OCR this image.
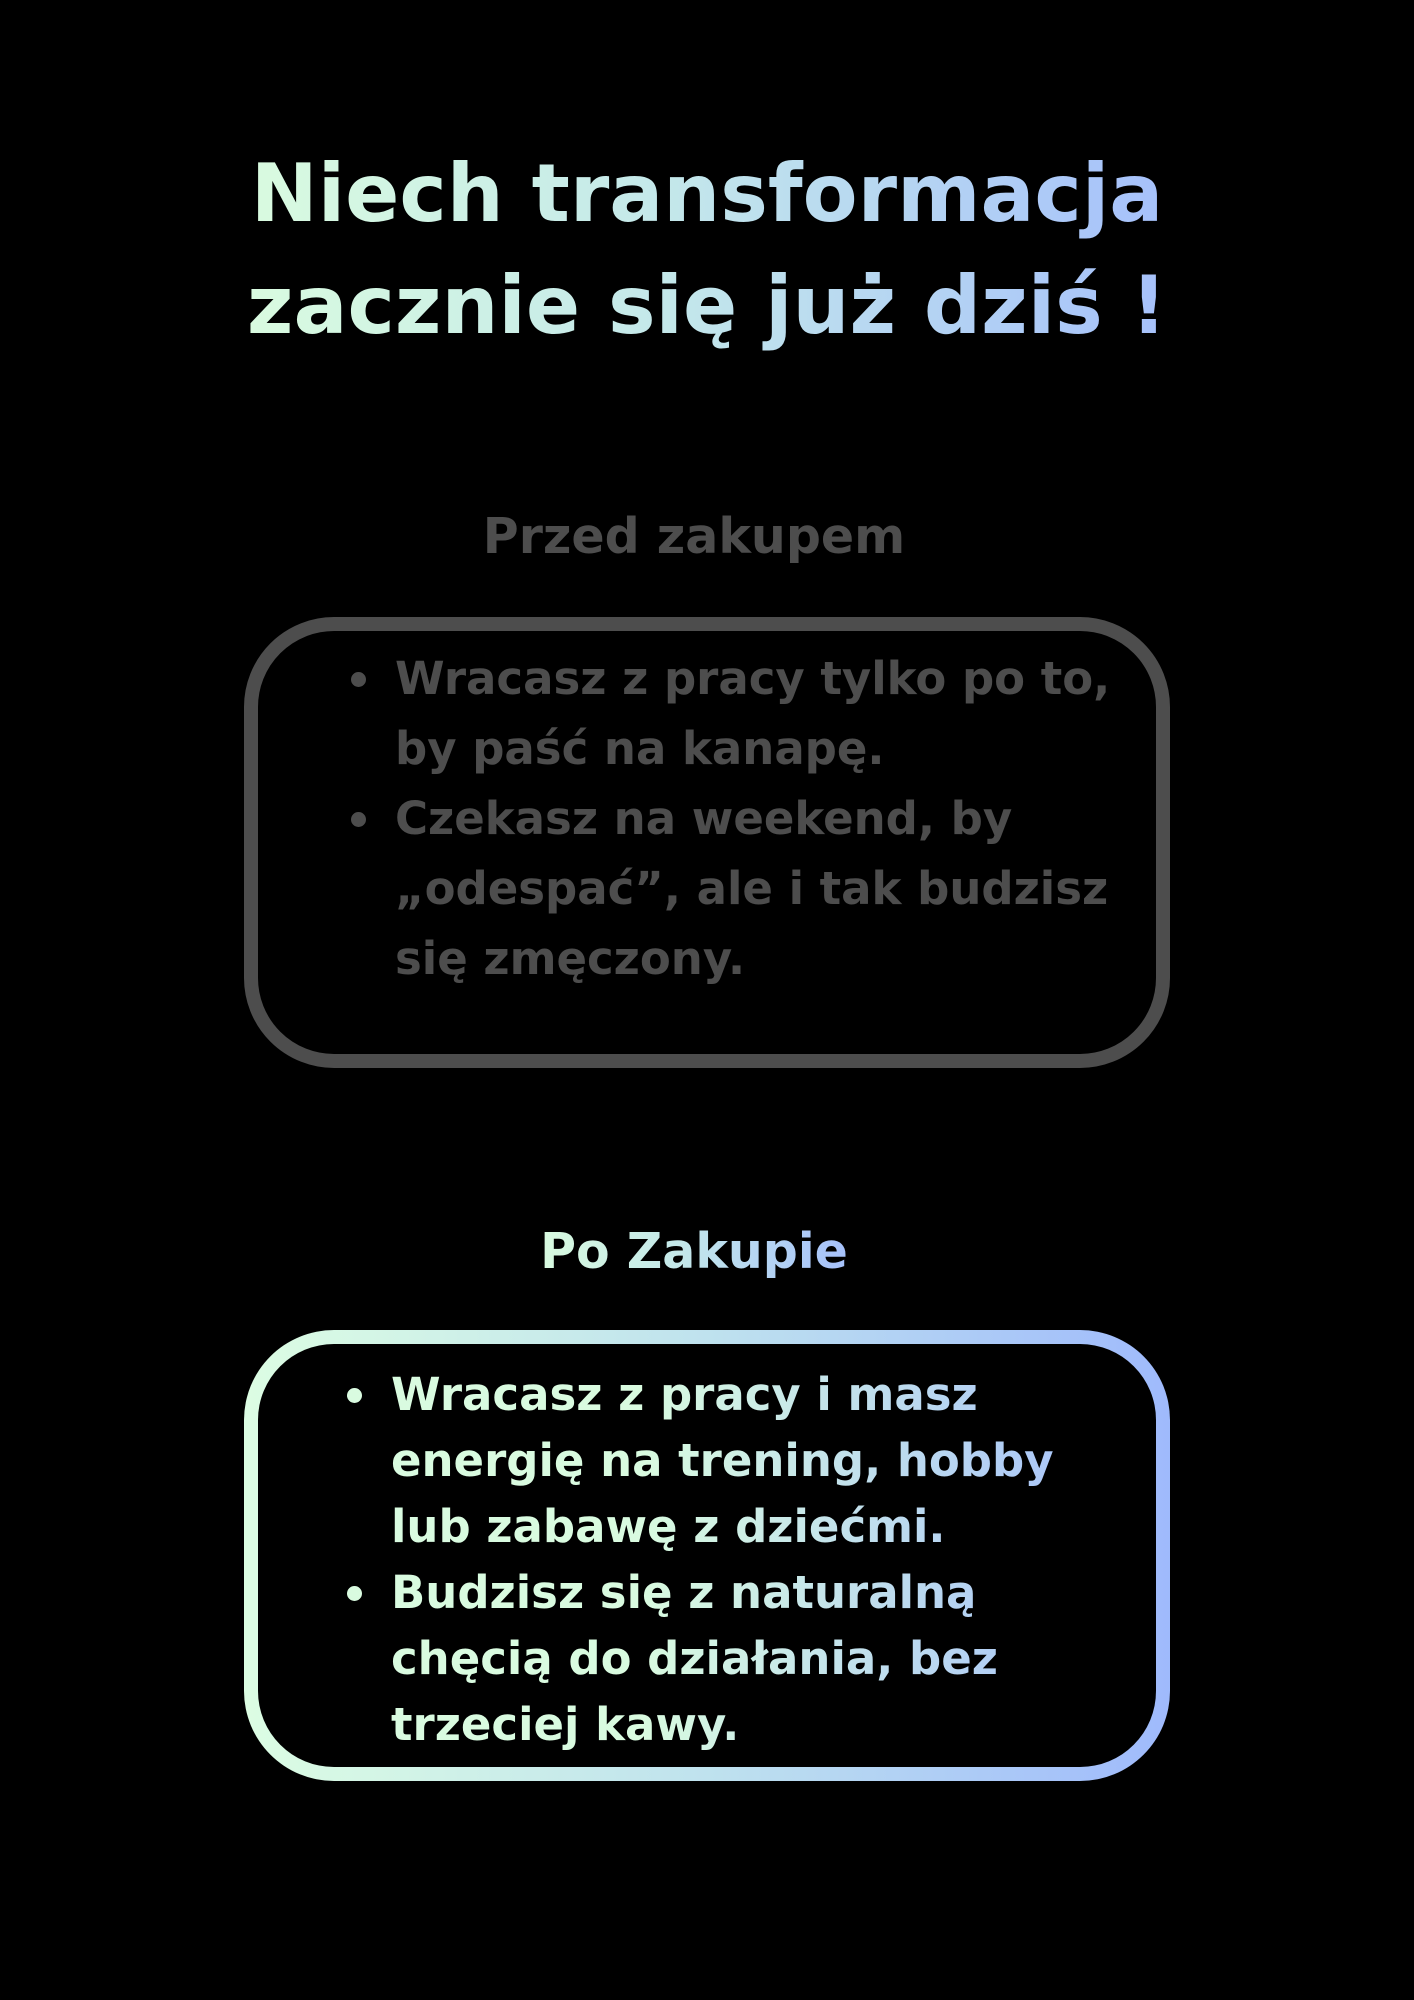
Niech transformacja
zacznie się już dziś !
Przed zakupem
Wracasz z pracy tylko po to, by paść na kanapę.
Czekasz na weekend, by „odespać”, ale i tak budzisz się zmęczony.
Po Zakupie
Wracasz z pracy i masz energię na trening, hobby lub zabawę z dziećmi.
Budzisz się z naturalną chęcią do działania, bez trzeciej kawy.
